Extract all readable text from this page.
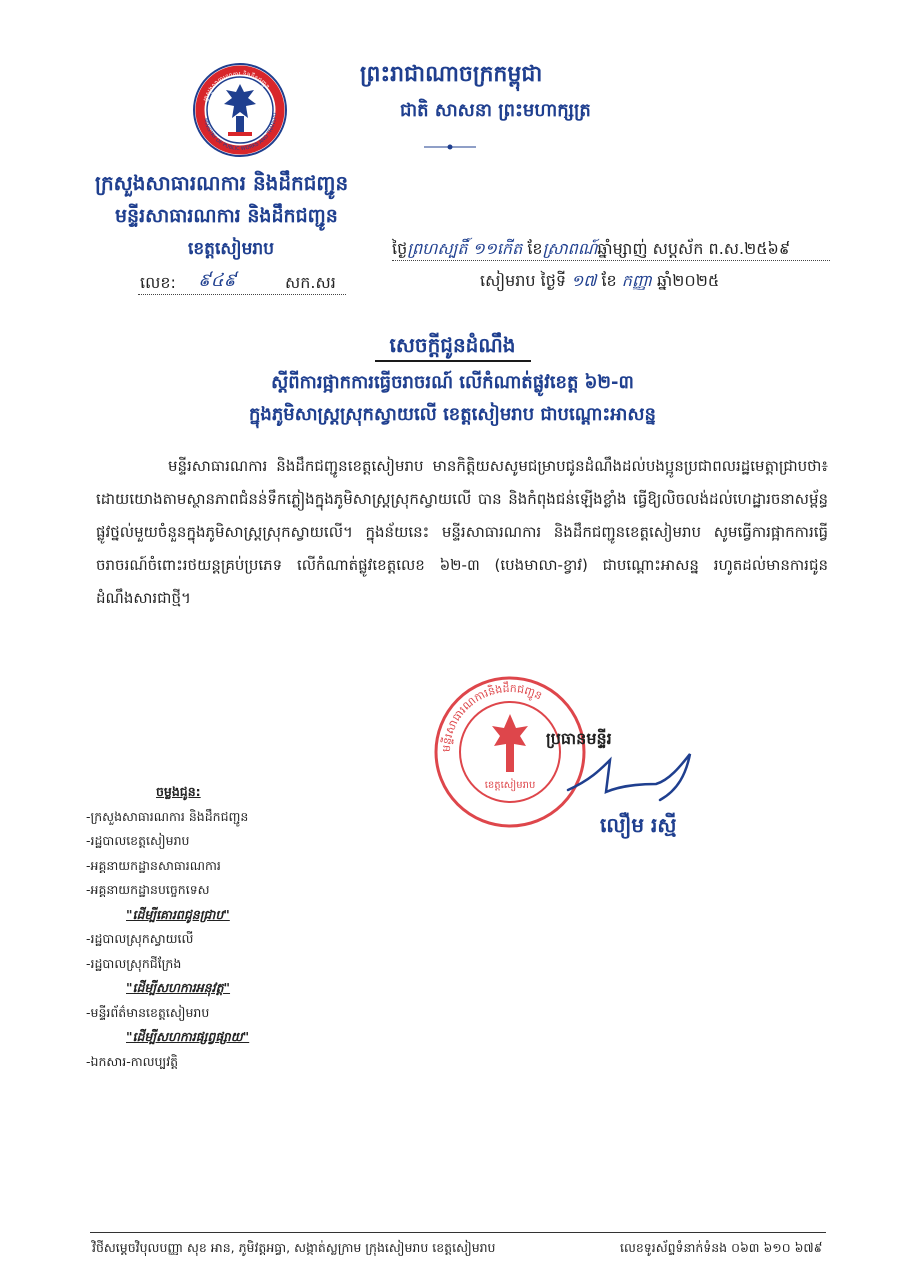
ក្រសួងសាធារណការ និងដឹកជញ្ជូន
MINISTRY OF PUBLIC WORKS AND TRANSPO
ព្រះរាជាណាចក្រកម្ពុជា
ជាតិ សាសនា ព្រះមហាក្សត្រ
ក្រសួងសាធារណការ និងដឹកជញ្ជូន
មន្ទីរសាធារណការ និងដឹកជញ្ជូន
ខេត្តសៀមរាប
លេខ: ៩៤៩	សក.សរ
ថ្ងៃព្រហស្បតិ៍ ១១កើត ខែស្រាពណ៍ឆ្នាំម្សាញ់ សប្តស័ក ព.ស.២៥៦៩
សៀមរាប ថ្ងៃទី ១៧ ខែ កញ្ញា ឆ្នាំ២០២៥
សេចក្តីជូនដំណឹង
ស្តីពីការផ្អាកការធ្វើចរាចរណ៍ លើកំណាត់ផ្លូវខេត្ត ៦២-៣
ក្នុងភូមិសាស្ត្រស្រុកស្វាយលើ ខេត្តសៀមរាប ជាបណ្តោះអាសន្ន

មន្ទីរសាធារណការ និងដឹកជញ្ជូនខេត្តសៀមរាប មានកិត្តិយសសូមជម្រាបជូនដំណឹងដល់បងប្អូនប្រជាពលរដ្ឋមេត្តាជ្រាបថា៖ ដោយយោងតាមស្ថានភាពជំនន់ទឹកភ្លៀងក្នុងភូមិសាស្ត្រស្រុកស្វាយលើ បាន និងកំពុងជន់ឡើងខ្លាំង ធ្វើឱ្យលិចលង់ដល់ហេដ្ឋារចនាសម្ព័ន្ធផ្លូវថ្នល់មួយចំនួនក្នុងភូមិសាស្ត្រស្រុកស្វាយលើ។ ក្នុងន័យនេះ មន្ទីរសាធារណការ និងដឹកជញ្ជូនខេត្តសៀមរាប សូមធ្វើការផ្អាកការធ្វើចរាចរណ៍ចំពោះរថយន្តគ្រប់ប្រភេទ លើកំណាត់ផ្លូវខេត្តលេខ ៦២-៣ (បេងមាលា-ខ្វាវ) ជាបណ្តោះអាសន្ន រហូតដល់មានការជូនដំណឹងសារជាថ្មី។

មន្ទីរសាធារណការនិងដឹកជញ្ជូន
ខេត្តសៀមរាប
ប្រធានមន្ទីរ
លឿម រស្មី
ចម្លងជូន:
-ក្រសួងសាធារណការ និងដឹកជញ្ជូន
-រដ្ឋបាលខេត្តសៀមរាប
-អគ្គនាយកដ្ឋានសាធារណការ
-អគ្គនាយកដ្ឋានបច្ចេកទេស
"ដើម្បីគោរពជូនជ្រាប"
-រដ្ឋបាលស្រុកស្វាយលើ
-រដ្ឋបាលស្រុកជីក្រែង
"ដើម្បីសហការអនុវត្ត"
-មន្ទីរព័ត៌មានខេត្តសៀមរាប
"ដើម្បីសហការផ្សព្វផ្សាយ"
-ឯកសារ-កាលប្បវត្តិ
វិថីសម្តេចវិបុលបញ្ញា សុខ អាន, ភូមិវត្តអធ្វា, សង្កាត់ស្លក្រាម ក្រុងសៀមរាប ខេត្តសៀមរាប	លេខទូរស័ព្ទទំនាក់ទំនង ០៦៣ ៦១០ ៦៧៩
